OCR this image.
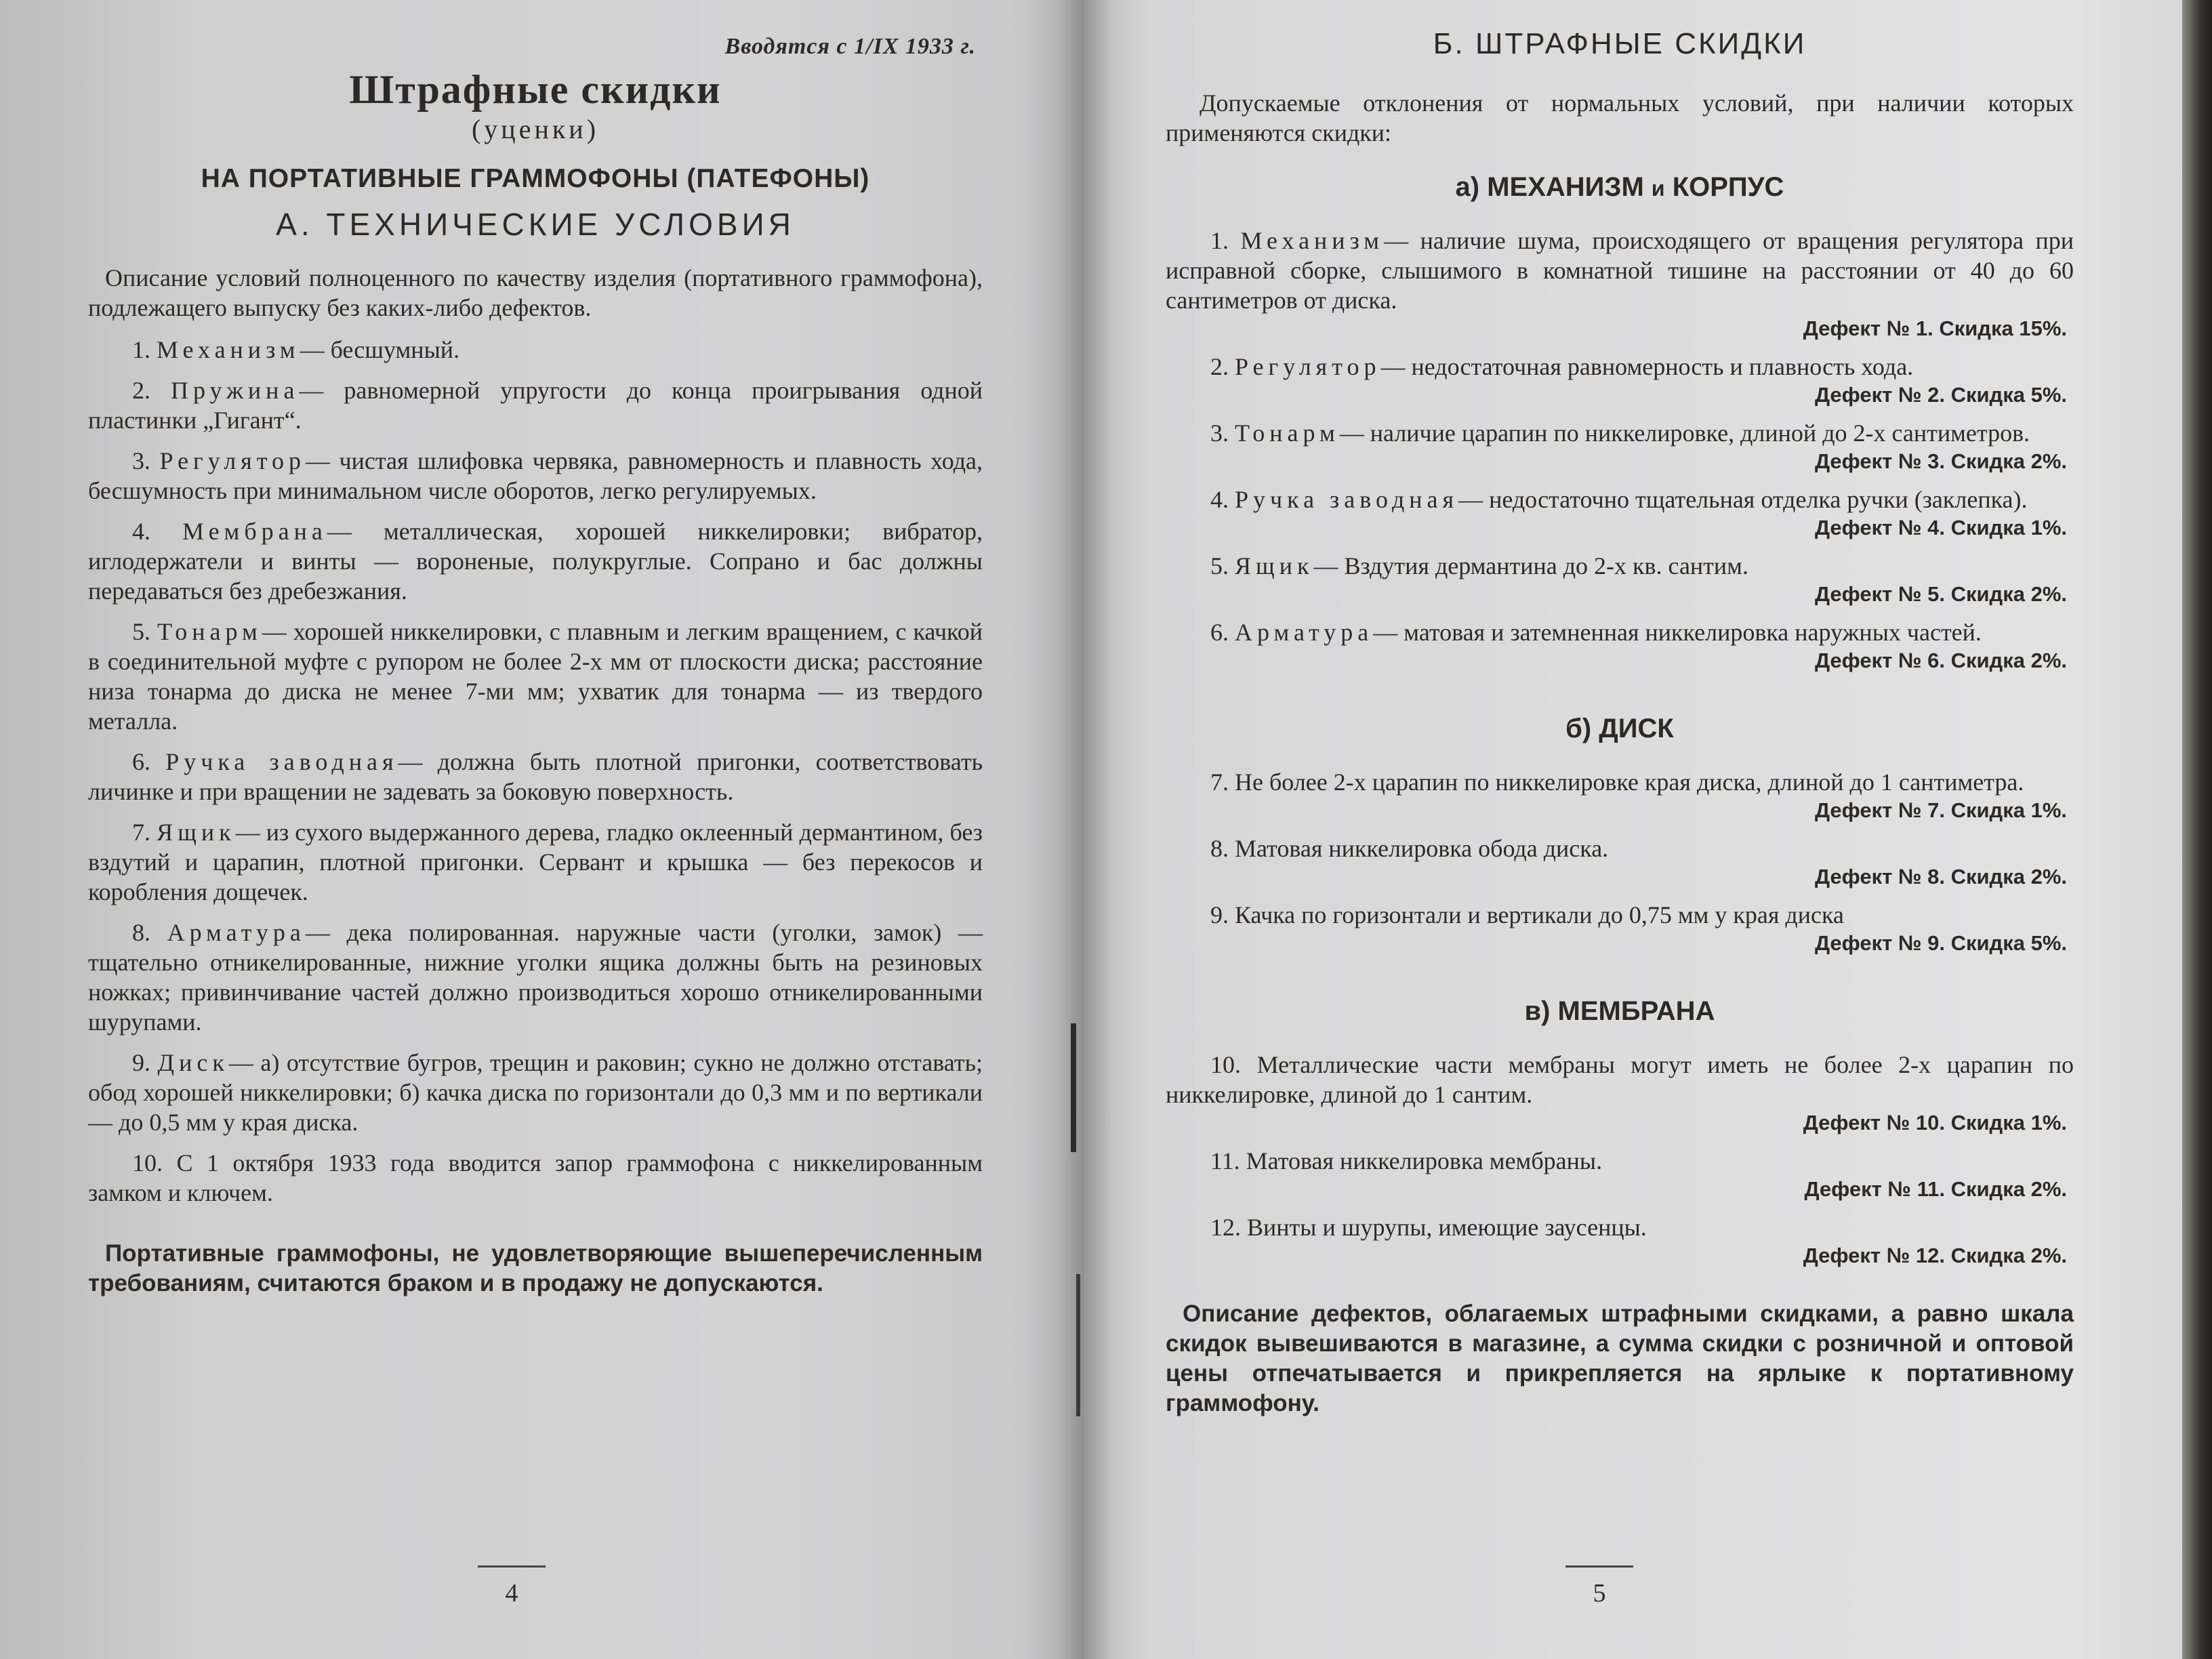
Вводятся с 1/IX 1933 г.

Штрафные скидки

(уценки)

НА ПОРТАТИВНЫЕ ГРАММОФОНЫ (ПАТЕФОНЫ)

А. ТЕХНИЧЕСКИЕ УСЛОВИЯ

Описание условий полноценного по качеству изделия (портативного граммофона), подлежащего выпуску без каких-либо дефектов.

1. Механизм— бесшумный.

2. Пружина— равномерной упругости до конца проигрывания одной пластинки „Гигант“.

3. Регулятор— чистая шлифовка червяка, равномерность и плавность хода, бесшумность при минимальном числе оборотов, легко регулируемых.

4. Мембрана— металлическая, хорошей никкелировки; вибратор, иглодержатели и винты — вороненые, полукруглые. Сопрано и бас должны передаваться без дребезжания.

5. Тонарм— хорошей никкелировки, с плавным и легким вращением, с качкой в соединительной муфте с рупором не более 2-х мм от плоскости диска; расстояние низа тонарма до диска не менее 7-ми мм; ухватик для тонарма — из твердого металла.

6. Ручка заводная— должна быть плотной пригонки, соответствовать личинке и при вращении не задевать за боковую поверхность.

7. Ящик— из сухого выдержанного дерева, гладко оклеенный дермантином, без вздутий и царапин, плотной пригонки. Сервант и крышка — без перекосов и коробления дощечек.

8. Арматура— дека полированная. наружные части (уголки, замок) — тщательно отникелированные, нижние уголки ящика должны быть на резиновых ножках; привинчивание частей должно производиться хорошо отникелированными шурупами.

9. Диск— а) отсутствие бугров, трещин и раковин; сукно не должно отставать; обод хорошей никкелировки; б) качка диска по горизонтали до 0,3 мм и по вертикали — до 0,5 мм у края диска.

10. С 1 октября 1933 года вводится запор граммофона с никкелированным замком и ключем.

Портативные граммофоны, не удовлетворяющие вышеперечисленным требованиям, считаются браком и в продажу не допускаются.

4

Б. ШТРАФНЫЕ СКИДКИ

Допускаемые отклонения от нормальных условий, при наличии которых применяются скидки:

а) МЕХАНИЗМ и КОРПУС

1. Механизм— наличие шума, происходящего от вращения регулятора при исправной сборке, слышимого в комнатной тишине на расстоянии от 40 до 60 сантиметров от диска.

Дефект № 1. Скидка 15%.

2. Регулятор— недостаточная равномерность и плавность хода.

Дефект № 2. Скидка 5%.

3. Тонарм— наличие царапин по никкелировке, длиной до 2-х сантиметров.

Дефект № 3. Скидка 2%.

4. Ручка заводная— недостаточно тщательная отделка ручки (заклепка).

Дефект № 4. Скидка 1%.

5. Ящик— Вздутия дермантина до 2-х кв. сантим.

Дефект № 5. Скидка 2%.

6. Арматура— матовая и затемненная никкелировка наружных частей.

Дефект № 6. Скидка 2%.

б) ДИСК

7. Не более 2-х царапин по никкелировке края диска, длиной до 1 сантиметра.

Дефект № 7. Скидка 1%.

8. Матовая никкелировка обода диска.

Дефект № 8. Скидка 2%.

9. Качка по горизонтали и вертикали до 0,75 мм у края диска

Дефект № 9. Скидка 5%.

в) МЕМБРАНА

10. Металлические части мембраны могут иметь не более 2-х царапин по никкелировке, длиной до 1 сантим.

Дефект № 10. Скидка 1%.

11. Матовая никкелировка мембраны.

Дефект № 11. Скидка 2%.

12. Винты и шурупы, имеющие заусенцы.

Дефект № 12. Скидка 2%.

Описание дефектов, облагаемых штрафными скидками, а равно шкала скидок вывешиваются в магазине, а сумма скидки с розничной и оптовой цены отпечатывается и прикрепляется на ярлыке к портативному граммофону.

5
